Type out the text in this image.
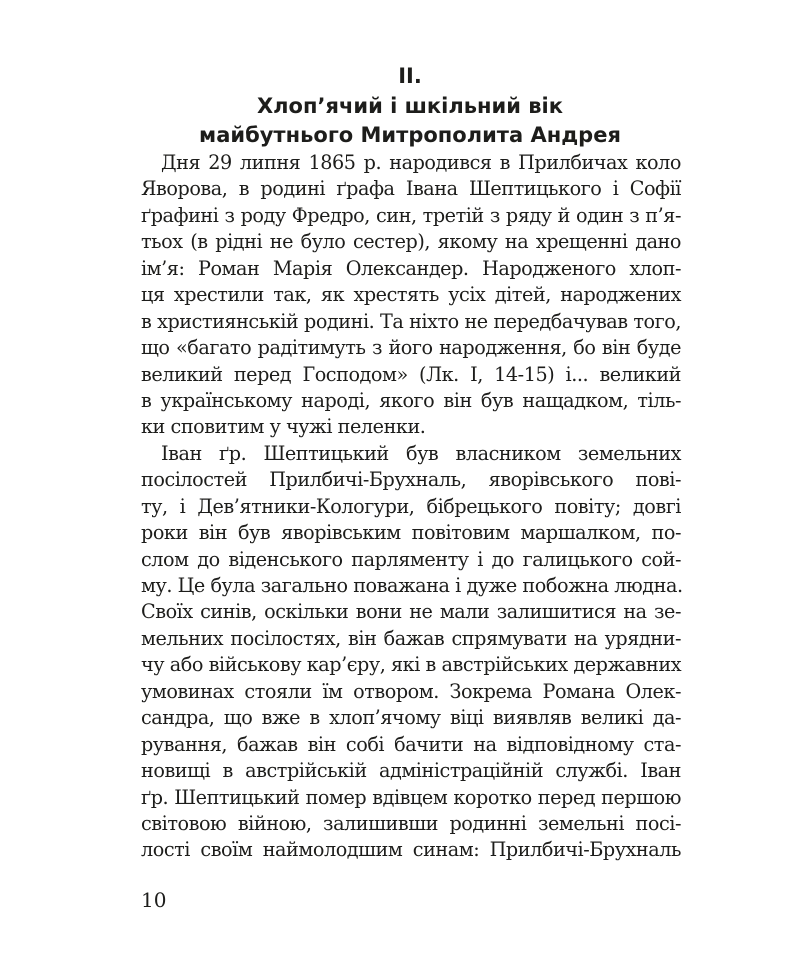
II.
Хлоп’ячий і шкільний вік
майбутнього Митрополита Андрея
Дня 29 липня 1865 р. народився в Прилбичах коло
Яворова, в родині ґрафа Івана Шептицького і Софії
ґрафині з роду Фредро, син, третій з ряду й один з п’я-
тьох (в рідні не було сестер), якому на хрещенні дано
ім’я: Роман Марія Олександер. Народженого хлоп-
ця хрестили так, як хрестять усіх дітей, народжених
в християнській родині. Та ніхто не передбачував того,
що «багато радітимуть з його народження, бо він буде
великий перед Господом» (Лк. І, 14-15) і... великий
в українському народі, якого він був нащадком, тіль-
ки сповитим у чужі пеленки.
Іван ґр. Шептицький був власником земельних
посілостей Прилбичі-Брухналь, яворівського пові-
ту, і Дев’ятники-Кологури, бібрецького повіту; довгі
роки він був яворівським повітовим маршалком, по-
слом до віденського парляменту і до галицького сой-
му. Це була загально поважана і дуже побожна людна.
Своїх синів, оскільки вони не мали залишитися на зе-
мельних посілостях, він бажав спрямувати на урядни-
чу або військову кар’єру, які в австрійських державних
умовинах стояли їм отвором. Зокрема Романа Олек-
сандра, що вже в хлоп’ячому віці виявляв великі да-
рування, бажав він собі бачити на відповідному ста-
новищі в австрійській адміністраційній службі. Іван
ґр. Шептицький помер вдівцем коротко перед першою
світовою війною, залишивши родинні земельні посі-
лості своїм наймолодшим синам: Прилбичі-Брухналь
10
